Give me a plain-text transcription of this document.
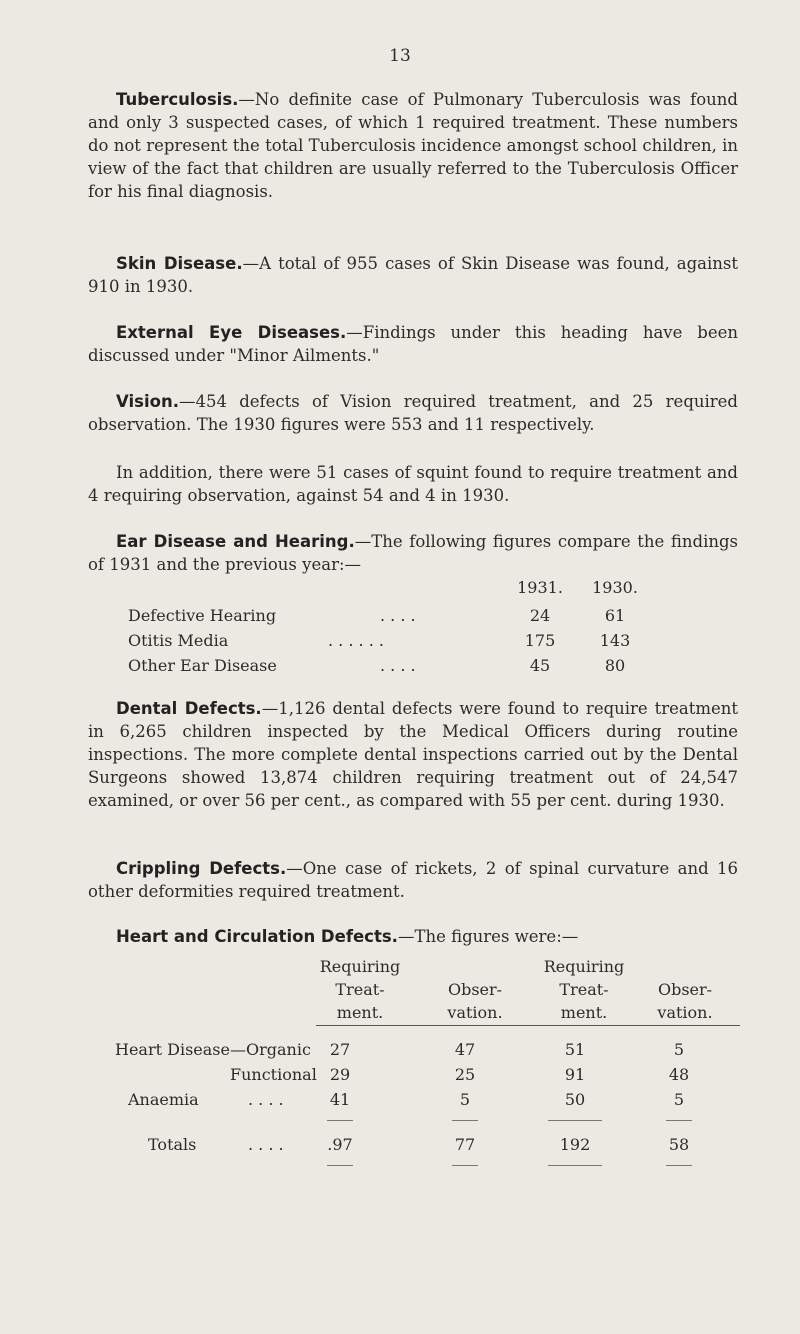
13

Tuberculosis.—No definite case of Pulmonary Tuberculosis was found and only 3 suspected cases, of which 1 required treatment. These numbers do not represent the total Tuberculosis incidence amongst school children, in view of the fact that children are usually referred to the Tuberculosis Officer for his final diagnosis.

Skin Disease.—A total of 955 cases of Skin Disease was found, against 910 in 1930.

External Eye Diseases.—Findings under this heading have been discussed under "Minor Ailments."

Vision.—454 defects of Vision required treatment, and 25 required observation. The 1930 figures were 553 and 11 respectively.

In addition, there were 51 cases of squint found to require treatment and 4 requiring observation, against 54 and 4 in 1930.

Ear Disease and Hearing.—The following figures compare the findings of 1931 and the previous year:—

1931.	1930.
Defective Hearing	. . . .	24	61
Otitis Media	. . . . . .	175	143
Other Ear Disease	. . . .	45	80

Dental Defects.—1,126 dental defects were found to require treatment in 6,265 children inspected by the Medical Officers during routine inspections. The more complete dental inspections carried out by the Dental Surgeons showed 13,874 children requiring treatment out of 24,547 examined, or over 56 per cent., as compared with 55 per cent. during 1930.

Crippling Defects.—One case of rickets, 2 of spinal curvature and 16 other deformities required treatment.

Heart and Circulation Defects.—The figures were:—

Requiring
Treat-
ment.

Obser-
vation.
Requiring
Treat-
ment.

Obser-
vation.
Heart Disease—Organic	27	47	51	5
Functional 29	25	91	48
Anaemia	. . . .	41	5	50	5
Totals	. . . .	.97	77	192	58
